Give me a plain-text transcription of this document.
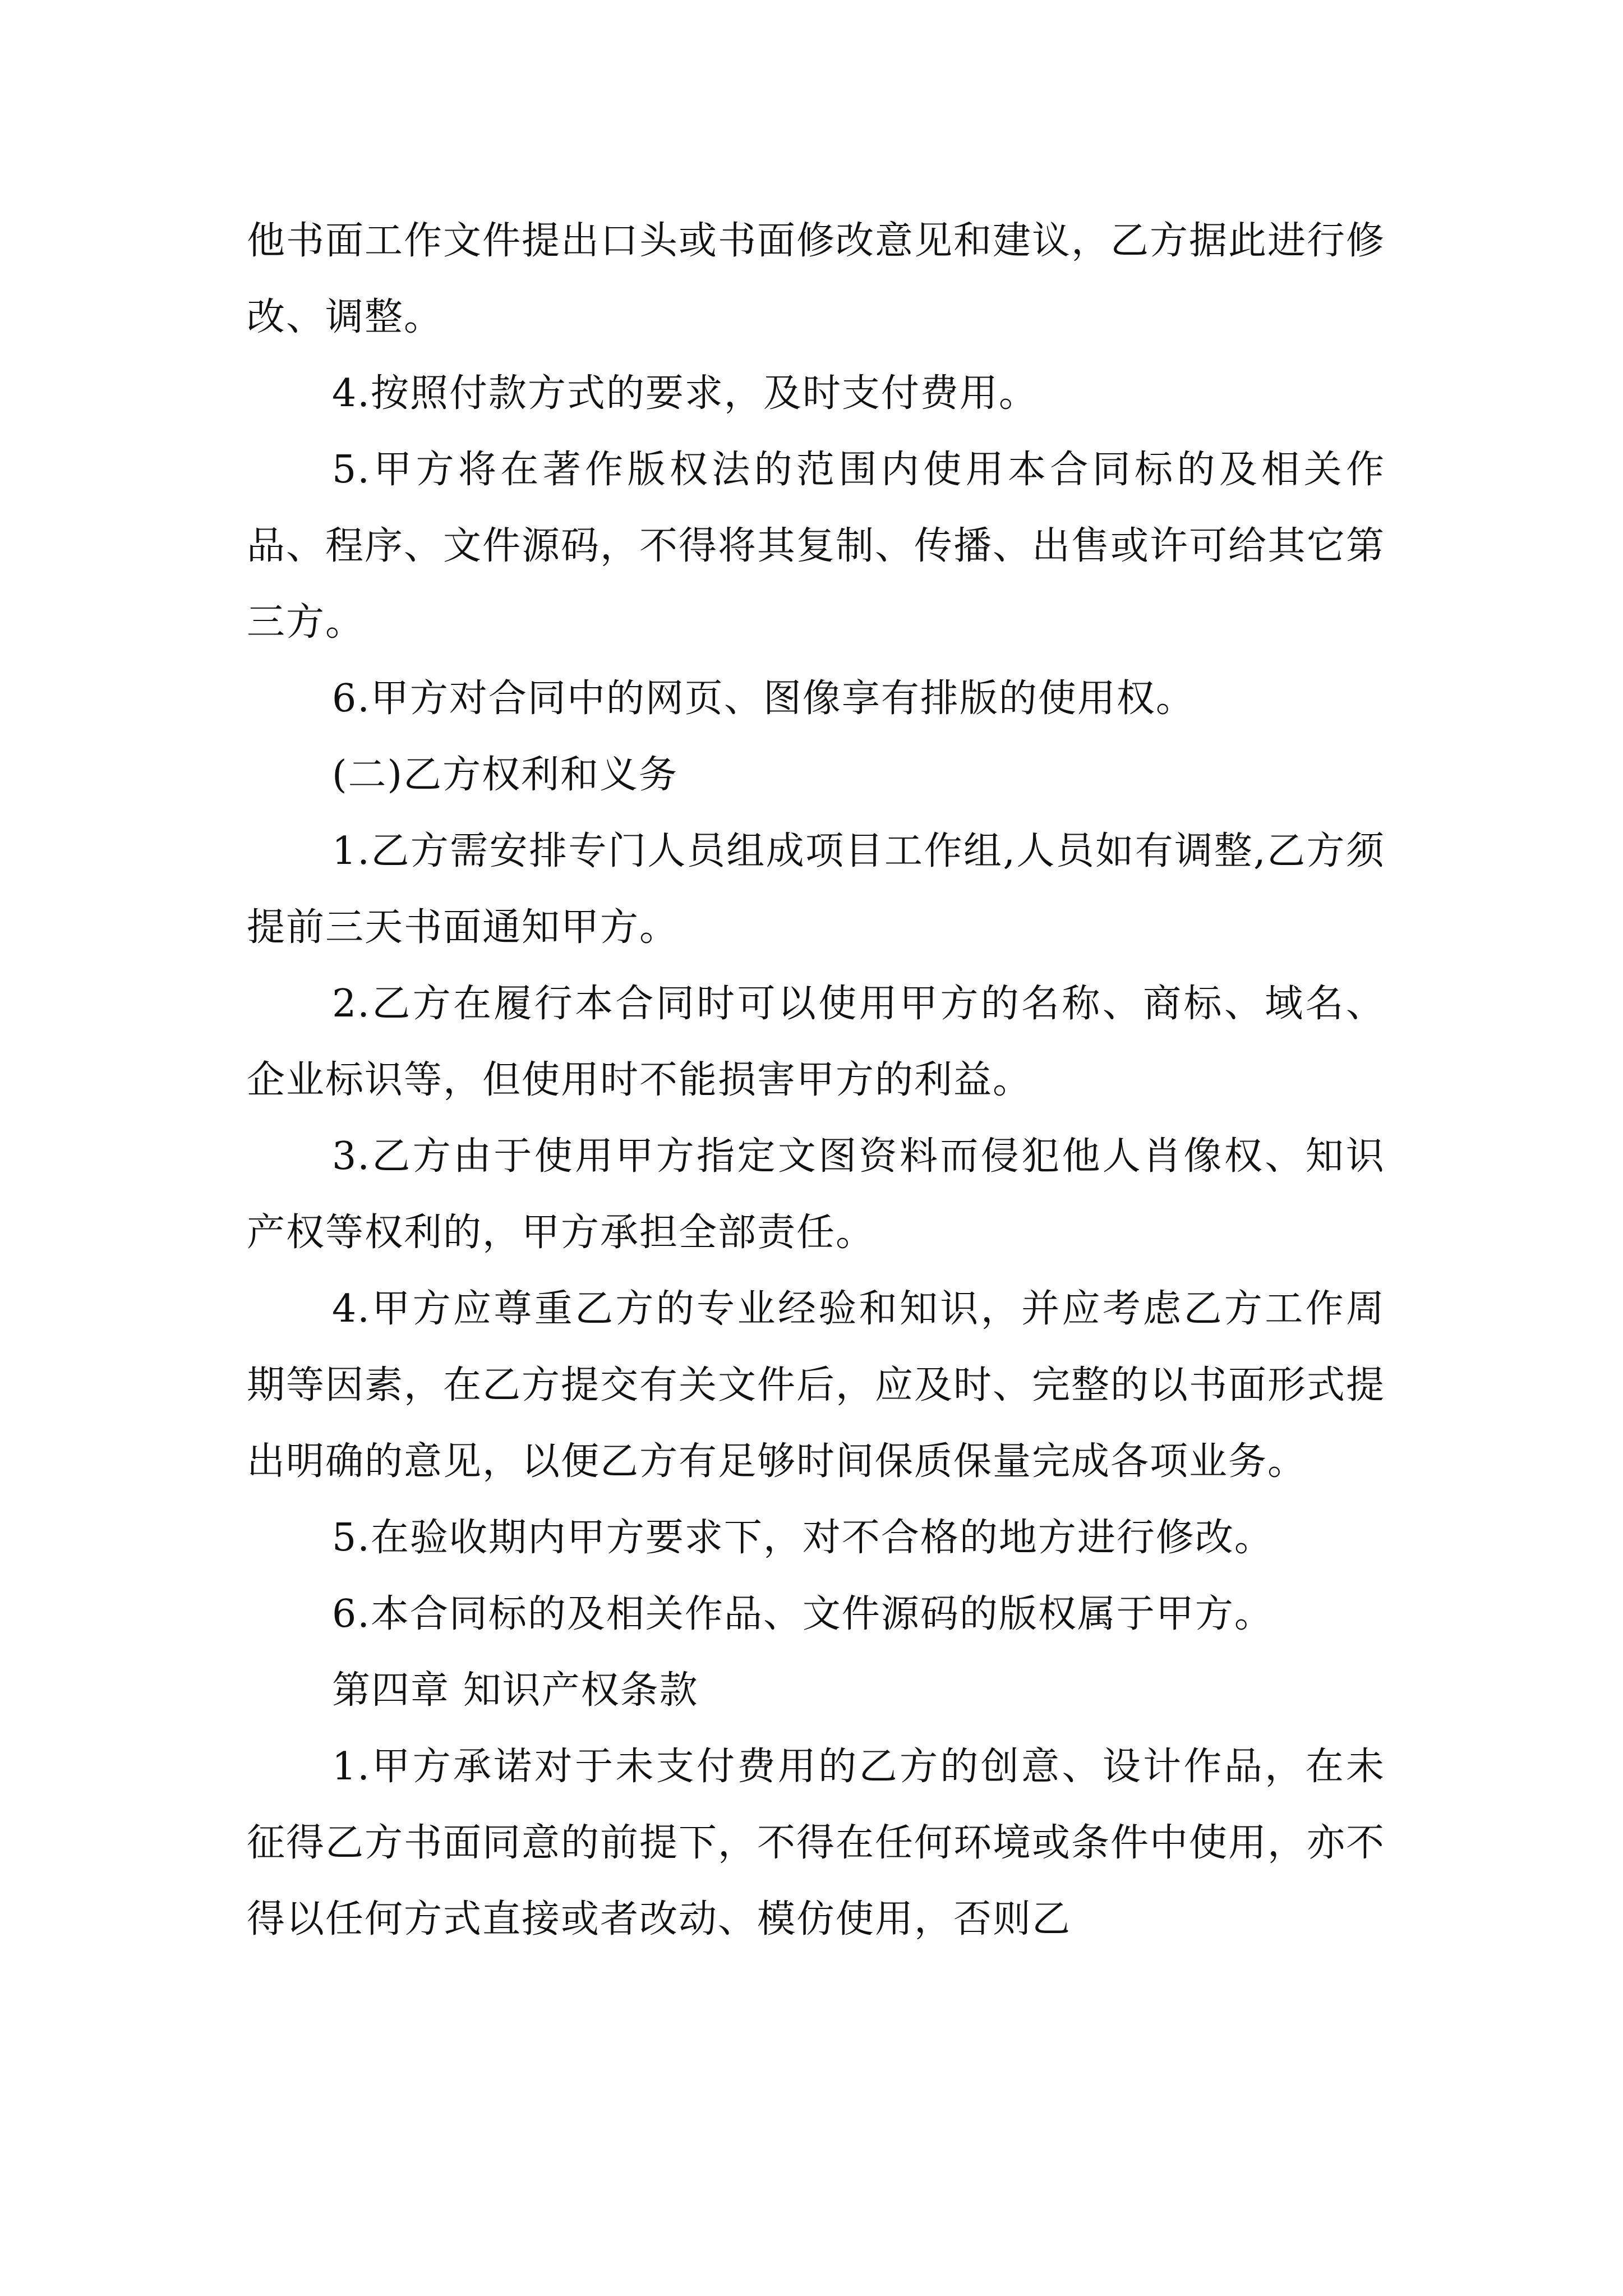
他书面工作文件提出口头或书面修改意见和建议，乙方据此进行修改、调整。

4.按照付款方式的要求，及时支付费用。

5.甲方将在著作版权法的范围内使用本合同标的及相关作品、程序、文件源码，不得将其复制、传播、出售或许可给其它第三方。

6.甲方对合同中的网页、图像享有排版的使用权。

(二)乙方权利和义务

1.乙方需安排专门人员组成项目工作组,人员如有调整,乙方须提前三天书面通知甲方。

2.乙方在履行本合同时可以使用甲方的名称、商标、域名、企业标识等，但使用时不能损害甲方的利益。

3.乙方由于使用甲方指定文图资料而侵犯他人肖像权、知识产权等权利的，甲方承担全部责任。

4.甲方应尊重乙方的专业经验和知识，并应考虑乙方工作周期等因素，在乙方提交有关文件后，应及时、完整的以书面形式提出明确的意见，以便乙方有足够时间保质保量完成各项业务。

5.在验收期内甲方要求下，对不合格的地方进行修改。

6.本合同标的及相关作品、文件源码的版权属于甲方。

第四章 知识产权条款

1.甲方承诺对于未支付费用的乙方的创意、设计作品，在未征得乙方书面同意的前提下，不得在任何环境或条件中使用，亦不得以任何方式直接或者改动、模仿使用，否则乙
